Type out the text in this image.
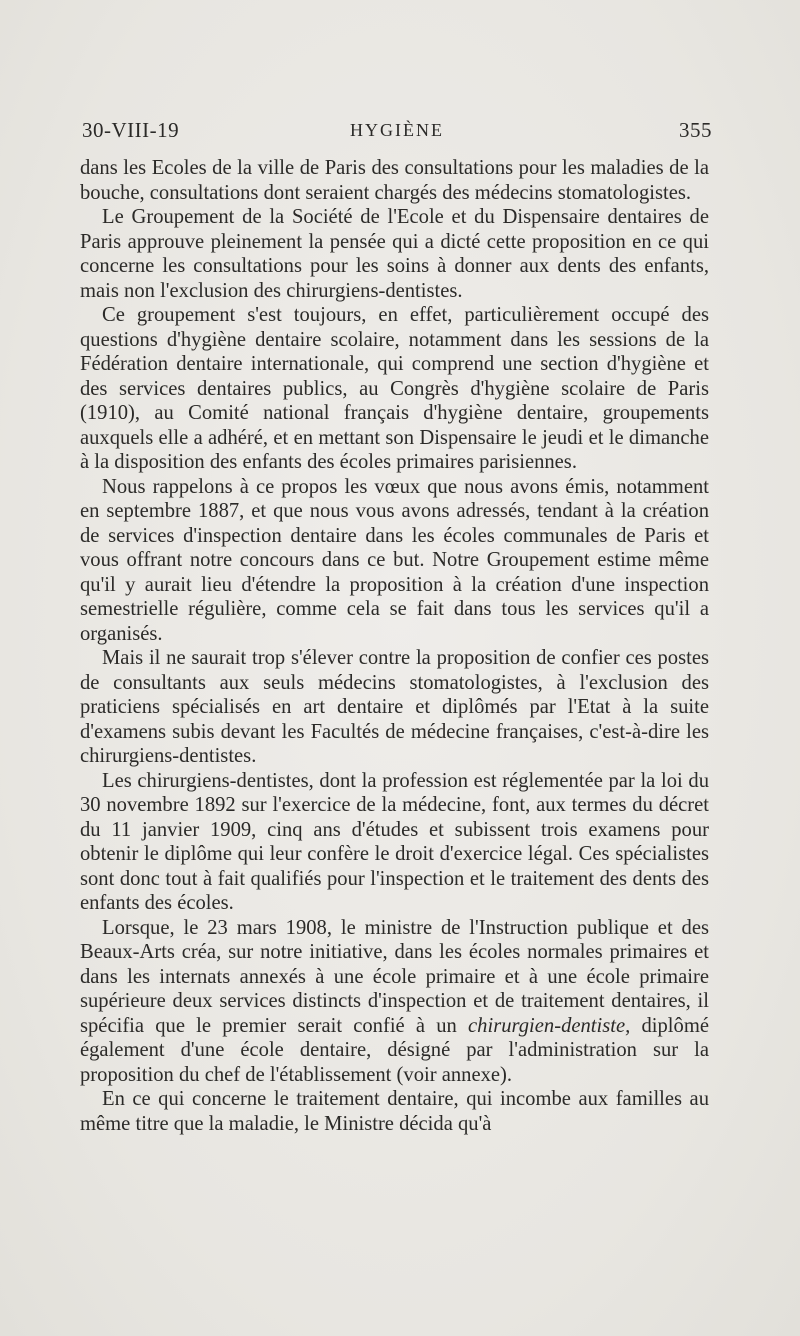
30-VIII-19	HYGIÈNE	355

dans les Ecoles de la ville de Paris des consultations pour les maladies de la bouche, consultations dont seraient chargés des médecins stomatologistes.

Le Groupement de la Société de l'Ecole et du Dispensaire dentaires de Paris approuve pleinement la pensée qui a dicté cette proposition en ce qui concerne les consultations pour les soins à donner aux dents des enfants, mais non l'exclusion des chirurgiens-dentistes.

Ce groupement s'est toujours, en effet, particulièrement occupé des questions d'hygiène dentaire scolaire, notamment dans les sessions de la Fédération dentaire internationale, qui comprend une section d'hygiène et des services dentaires publics, au Congrès d'hygiène scolaire de Paris (1910), au Comité national français d'hygiène dentaire, groupements auxquels elle a adhéré, et en mettant son Dispensaire le jeudi et le dimanche à la disposition des enfants des écoles primaires parisiennes.

Nous rappelons à ce propos les vœux que nous avons émis, notamment en septembre 1887, et que nous vous avons adressés, tendant à la création de services d'inspection dentaire dans les écoles communales de Paris et vous offrant notre concours dans ce but. Notre Groupement estime même qu'il y aurait lieu d'étendre la proposition à la création d'une inspection semestrielle régulière, comme cela se fait dans tous les services qu'il a organisés.

Mais il ne saurait trop s'élever contre la proposition de confier ces postes de consultants aux seuls médecins stomatologistes, à l'exclusion des praticiens spécialisés en art dentaire et diplômés par l'Etat à la suite d'examens subis devant les Facultés de médecine françaises, c'est-à-dire les chirurgiens-dentistes.

Les chirurgiens-dentistes, dont la profession est réglementée par la loi du 30 novembre 1892 sur l'exercice de la médecine, font, aux termes du décret du 11 janvier 1909, cinq ans d'études et subissent trois examens pour obtenir le diplôme qui leur confère le droit d'exercice légal. Ces spécialistes sont donc tout à fait qualifiés pour l'inspection et le traitement des dents des enfants des écoles.

Lorsque, le 23 mars 1908, le ministre de l'Instruction publique et des Beaux-Arts créa, sur notre initiative, dans les écoles normales primaires et dans les internats annexés à une école primaire et à une école primaire supérieure deux services distincts d'inspection et de traitement dentaires, il spécifia que le premier serait confié à un chirurgien-dentiste, diplômé également d'une école dentaire, désigné par l'administration sur la proposition du chef de l'établissement (voir annexe).

En ce qui concerne le traitement dentaire, qui incombe aux familles au même titre que la maladie, le Ministre décida qu'à
